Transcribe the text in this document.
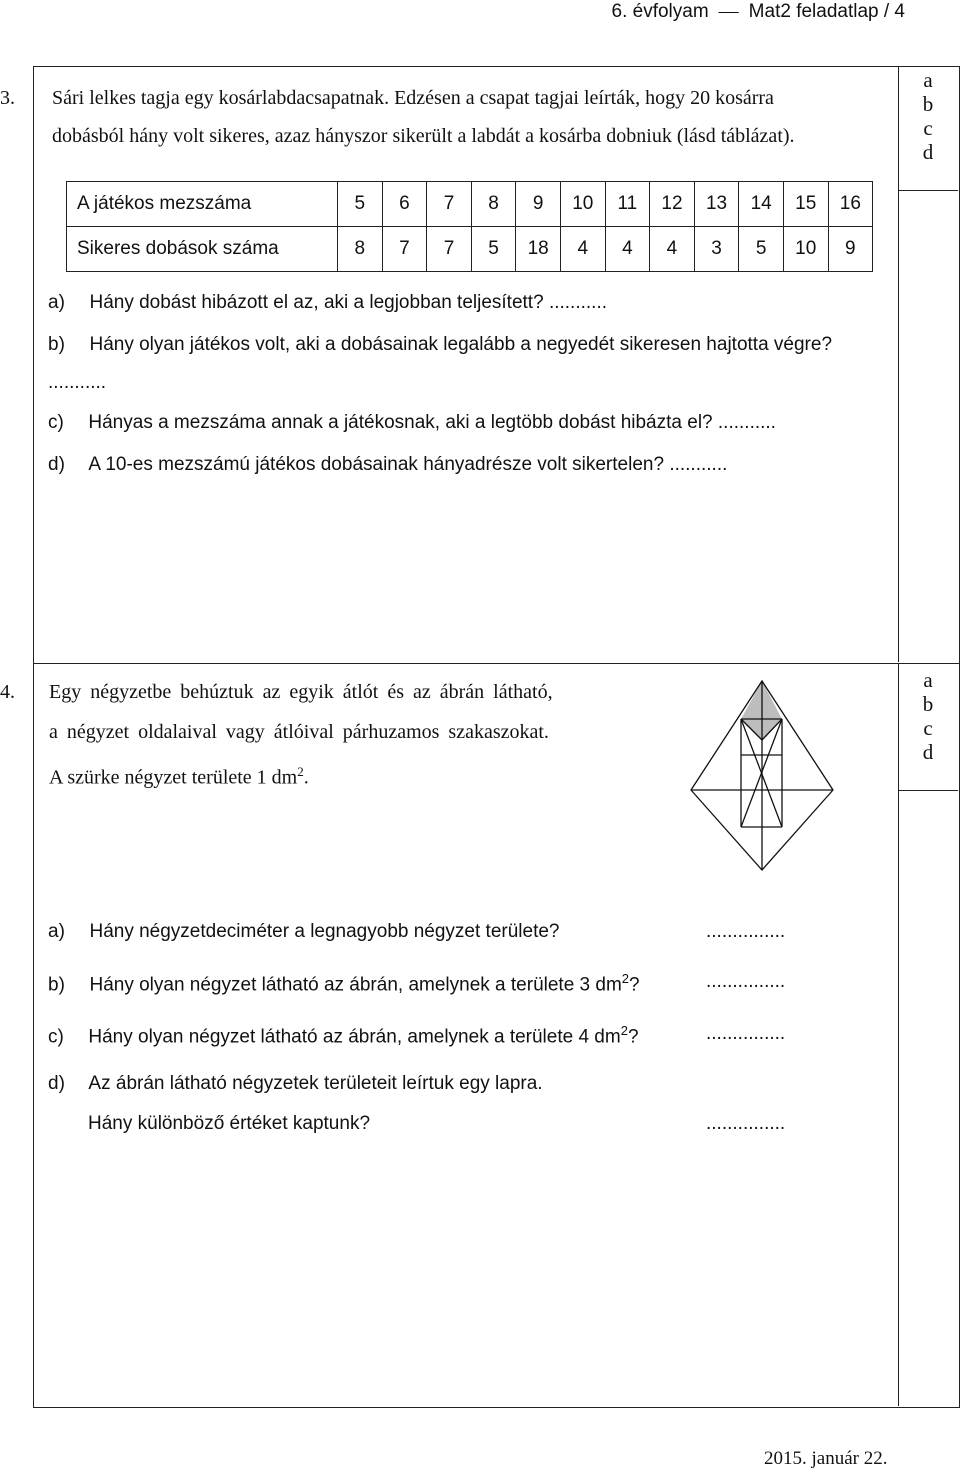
6. évfolyam  —  Mat2 feladatlap / 4
3. Sári lelkes tagja egy kosárlabdacsapatnak. Edzésen a csapat tagjai leírták, hogy 20 kosárra
dobásból hány volt sikeres, azaz hányszor sikerült a labdát a kosárba dobniuk (lásd táblázat).
a
b
c
d
A játékos mezszáma	5	6	7	8	9	10	11	12	13	14	15	16
Sikeres dobások száma	8	7	7	5	18	4	4	4	3	5	10	9
a) Hány dobást hibázott el az, aki a legjobban teljesített? ...........
b) Hány olyan játékos volt, aki a dobásainak legalább a negyedét sikeresen hajtotta végre?
...........
c) Hányas a mezszáma annak a játékosnak, aki a legtöbb dobást hibázta el? ...........
d) A 10-es mezszámú játékos dobásainak hányadrésze volt sikertelen? ...........
4. Egy négyzetbe behúztuk az egyik átlót és az ábrán látható,
a négyzet oldalaival vagy átlóival párhuzamos szakaszokat.
A szürke négyzet területe 1 $dm^2$.
a
b
c
d
a) Hány négyzetdeciméter a legnagyobb négyzet területe?	...............
b) Hány olyan négyzet látható az ábrán, amelynek a területe 3 $dm^2$?	...............
c) Hány olyan négyzet látható az ábrán, amelynek a területe 4 $dm^2$?	...............
d) Az ábrán látható négyzetek területeit leírtuk egy lapra.
Hány különböző értéket kaptunk?	...............
2015. január 22.
